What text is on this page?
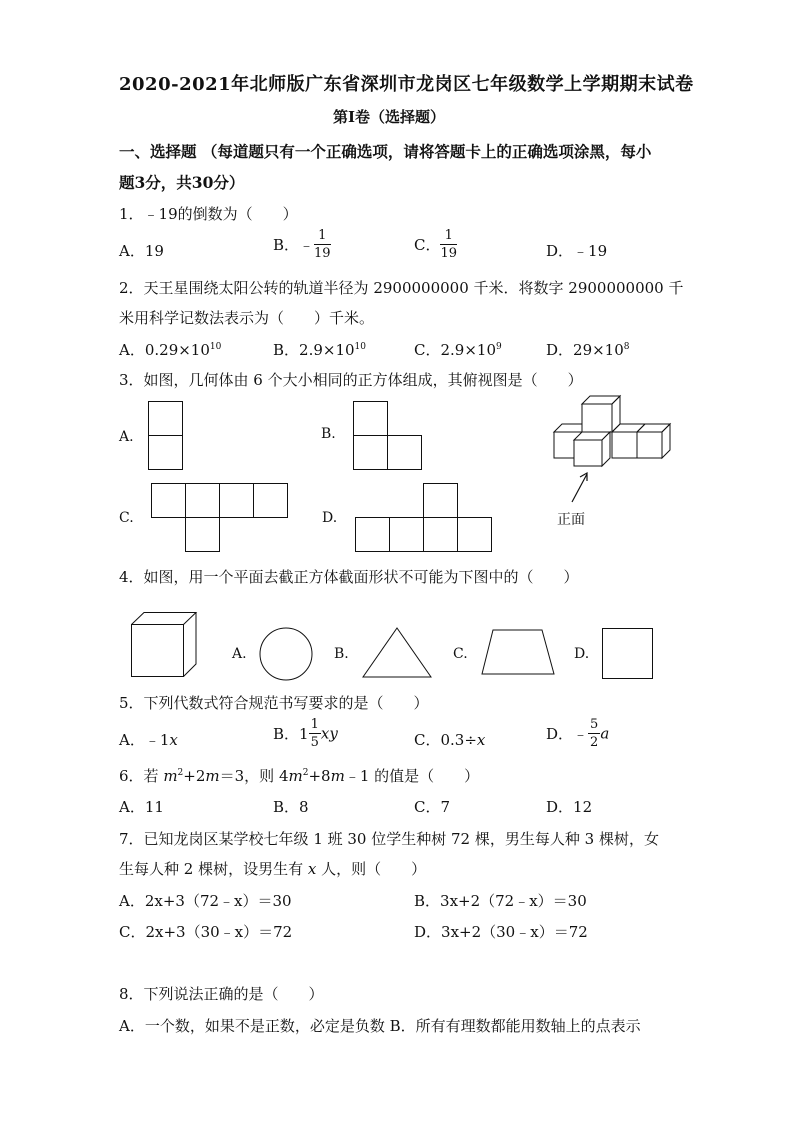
2020-2021年北师版广东省深圳市龙岗区七年级数学上学期期末试卷
第Ⅰ卷（选择题）
一、选择题 （每道题只有一个正确选项，请将答题卡上的正确选项涂黑，每小
题3分，共30分）
1．﹣19的倒数为（　　）
A．19	B．﹣ $\frac{1}{19}$	C． $\frac{1}{19}$	D．﹣19
2．天王星围绕太阳公转的轨道半径为 2900000000 千米．将数字 2900000000 千
米用科学记数法表示为（　　）千米。
A．$0.29\times 10^{10}$	B．$2.9\times 10^{10}$	C．$2.9\times 10^9$	D．$29\times 10^8$
3．如图，几何体由 6 个大小相同的正方体组成，其俯视图是（　　）
A.	B.
C.	D.	正面
4．如图，用一个平面去截正方体截面形状不可能为下图中的（　　）
A.	B.	C.	D.
5．下列代数式符合规范书写要求的是（　　）
A．﹣1x	B．$1 \frac{1}{5}$ xy	C．0.3÷x	D．﹣ $\frac{5}{2}$ a
6．若 $m^2+2m=3$，则 $4m^2+8m﹣1$ 的值是（　　）
A．11	B．8	C．7	D．12
7．已知龙岗区某学校七年级 1 班 30 位学生种树 72 棵，男生每人种 3 棵树，女
生每人种 2 棵树，设男生有 x 人，则（　　）
A．2x+3（72﹣x）＝30	B．3x+2（72﹣x）＝30
C．2x+3（30﹣x）＝72	D．3x+2（30﹣x）＝72
8．下列说法正确的是（　　）
A．一个数，如果不是正数，必定是负数 B．所有有理数都能用数轴上的点表示
